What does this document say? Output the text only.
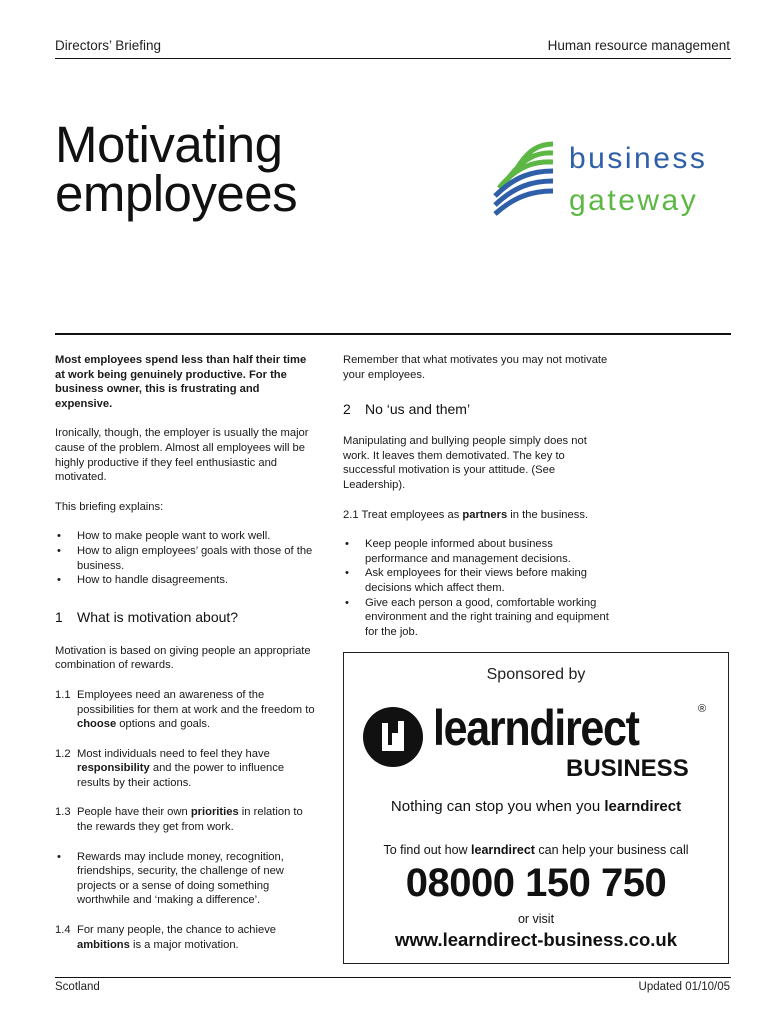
Directors’ Briefing	Human resource management
Motivating
employees
business
gateway

Most employees spend less than half their time at work being genuinely productive. For the business owner, this is frustrating and expensive.

Ironically, though, the employer is usually the major cause of the problem. Almost all employees will be highly productive if they feel enthusiastic and motivated.

This briefing explains:

• How to make people want to work well.
• How to align employees’ goals with those of the business.
• How to handle disagreements.
1 What is motivation about?

Motivation is based on giving people an appropriate combination of rewards.

1.1 Employees need an awareness of the possibilities for them at work and the freedom to choose options and goals.
1.2 Most individuals need to feel they have responsibility and the power to influence results by their actions.
1.3 People have their own priorities in relation to the rewards they get from work.
• Rewards may include money, recognition, friendships, security, the challenge of new projects or a sense of doing something worthwhile and ‘making a difference’.
1.4 For many people, the chance to achieve ambitions is a major motivation.

Remember that what motivates you may not motivate your employees.

2 No ‘us and them’

Manipulating and bullying people simply does not work. It leaves them demotivated. The key to successful motivation is your attitude. (See Leadership).

2.1 Treat employees as partners in the business.
• Keep people informed about business performance and management decisions.
• Ask employees for their views before making decisions which affect them.
• Give each person a good, comfortable working environment and the right training and equipment for the job.
Sponsored by
learndirect	®
BUSINESS
Nothing can stop you when you learndirect
To find out how learndirect can help your business call
08000 150 750
or visit
www.learndirect-business.co.uk
Scotland	Updated 01/10/05
